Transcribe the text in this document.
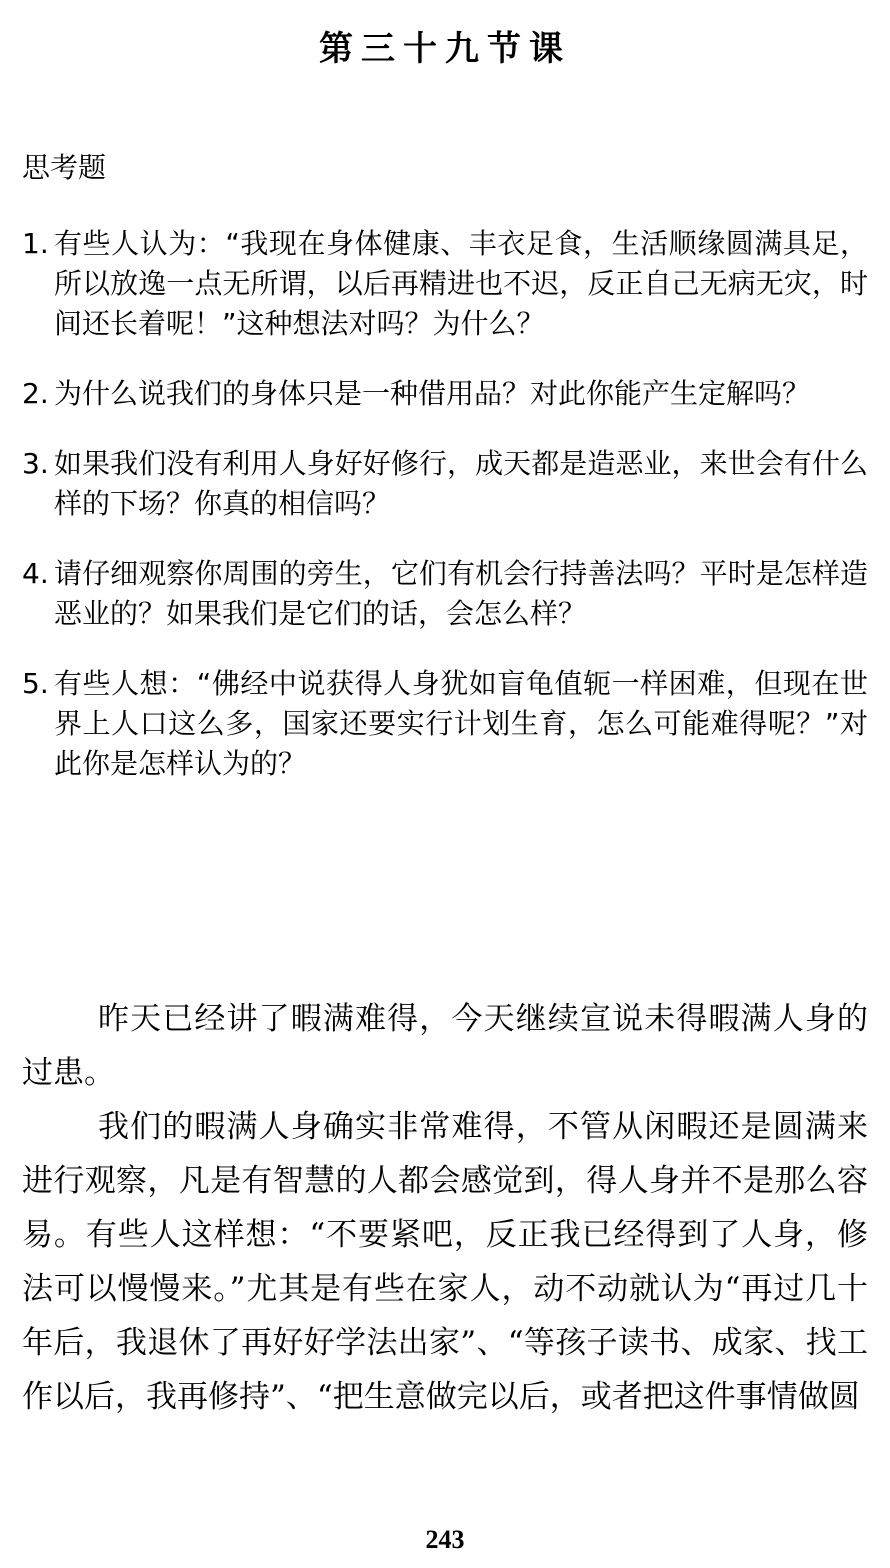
第三十九节课
思考题
1. 有些人认为：“我现在身体健康、丰衣足食，生活顺缘圆满具足，所以放逸一点无所谓，以后再精进也不迟，反正自己无病无灾，时间还长着呢！”这种想法对吗？为什么？
2. 为什么说我们的身体只是一种借用品？对此你能产生定解吗？
3. 如果我们没有利用人身好好修行，成天都是造恶业，来世会有什么样的下场？你真的相信吗？
4. 请仔细观察你周围的旁生，它们有机会行持善法吗？平时是怎样造恶业的？如果我们是它们的话，会怎么样？
5. 有些人想：“佛经中说获得人身犹如盲龟值轭一样困难，但现在世界上人口这么多，国家还要实行计划生育，怎么可能难得呢？”对此你是怎样认为的？

昨天已经讲了暇满难得，今天继续宣说未得暇满人身的过患。

我们的暇满人身确实非常难得，不管从闲暇还是圆满来进行观察，凡是有智慧的人都会感觉到，得人身并不是那么容易。有些人这样想：“不要紧吧，反正我已经得到了人身，修法可以慢慢来。”尤其是有些在家人，动不动就认为“再过几十年后，我退休了再好好学法出家”、“等孩子读书、成家、找工作以后，我再修持”、“把生意做完以后，或者把这件事情做圆

243
